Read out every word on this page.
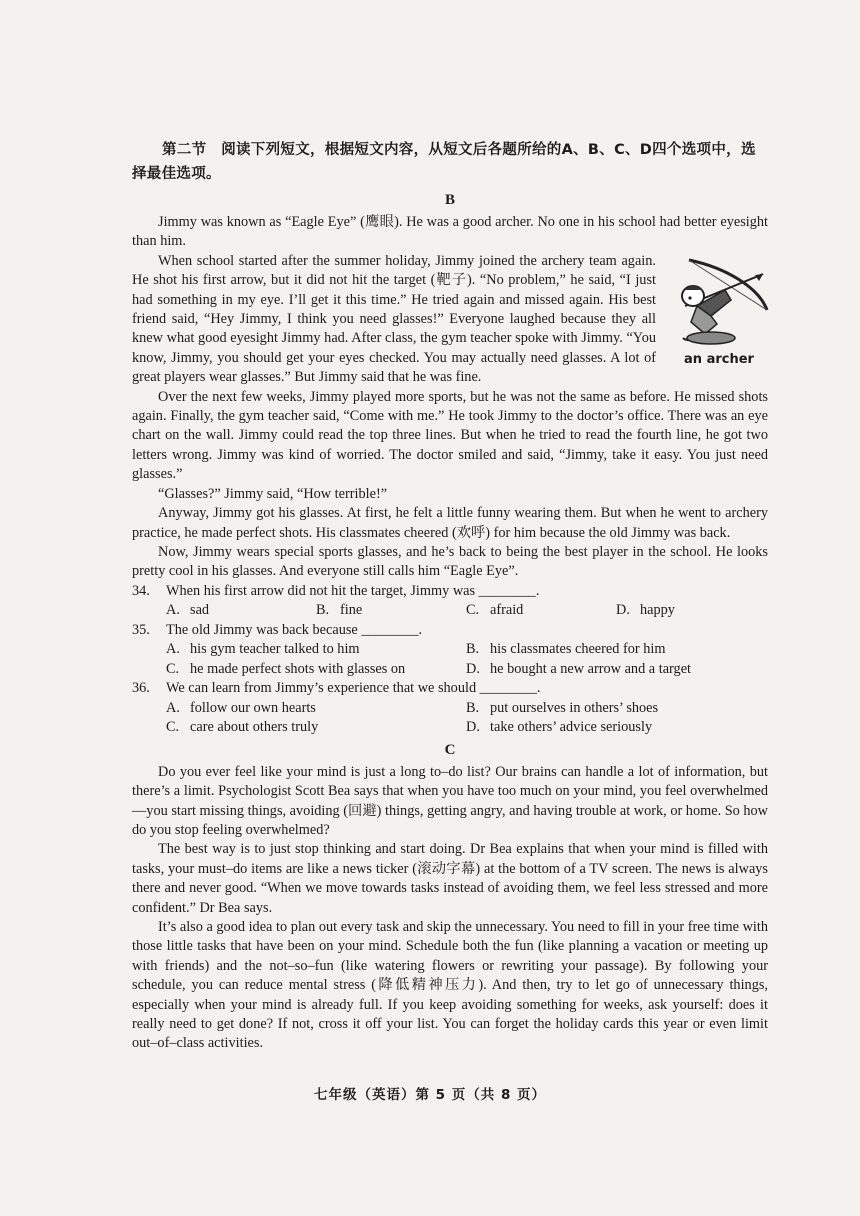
第二节　阅读下列短文，根据短文内容，从短文后各题所给的A、B、C、D四个选项中，选择最佳选项。
B

Jimmy was known as “Eagle Eye” (鹰眼). He was a good archer. No one in his school had better eyesight than him.

an archer

When school started after the summer holiday, Jimmy joined the archery team again. He shot his first arrow, but it did not hit the target (靶子). “No problem,” he said, “I just had something in my eye. I’ll get it this time.” He tried again and missed again. His best friend said, “Hey Jimmy, I think you need glasses!” Everyone laughed because they all knew what good eyesight Jimmy had. After class, the gym teacher spoke with Jimmy. “You know, Jimmy, you should get your eyes checked. You may actually need glasses. A lot of great players wear glasses.” But Jimmy said that he was fine.

Over the next few weeks, Jimmy played more sports, but he was not the same as before. He missed shots again. Finally, the gym teacher said, “Come with me.” He took Jimmy to the doctor’s office. There was an eye chart on the wall. Jimmy could read the top three lines. But when he tried to read the fourth line, he got two letters wrong. Jimmy was kind of worried. The doctor smiled and said, “Jimmy, take it easy. You just need glasses.”

“Glasses?” Jimmy said, “How terrible!”

Anyway, Jimmy got his glasses. At first, he felt a little funny wearing them. But when he went to archery practice, he made perfect shots. His classmates cheered (欢呼) for him because the old Jimmy was back.

Now, Jimmy wears special sports glasses, and he’s back to being the best player in the school. He looks pretty cool in his glasses. And everyone still calls him “Eagle Eye”.

34.	When his first arrow did not hit the target, Jimmy was ________.
A. sad	B. fine	C. afraid	D. happy
35.	The old Jimmy was back because ________.
A. his gym teacher talked to him	B. his classmates cheered for him
C. he made perfect shots with glasses on	D. he bought a new arrow and a target
36.	We can learn from Jimmy’s experience that we should ________.
A. follow our own hearts	B. put ourselves in others’ shoes
C. care about others truly	D. take others’ advice seriously
C

Do you ever feel like your mind is just a long to–do list? Our brains can handle a lot of information, but there’s a limit. Psychologist Scott Bea says that when you have too much on your mind, you feel overwhelmed—you start missing things, avoiding (回避) things, getting angry, and having trouble at work, or home. So how do you stop feeling overwhelmed?

The best way is to just stop thinking and start doing. Dr Bea explains that when your mind is filled with tasks, your must–do items are like a news ticker (滚动字幕) at the bottom of a TV screen. The news is always there and never good. “When we move towards tasks instead of avoiding them, we feel less stressed and more confident.” Dr Bea says.

It’s also a good idea to plan out every task and skip the unnecessary. You need to fill in your free time with those little tasks that have been on your mind. Schedule both the fun (like planning a vacation or meeting up with friends) and the not–so–fun (like watering flowers or rewriting your passage). By following your schedule, you can reduce mental stress (降低精神压力). And then, try to let go of unnecessary things, especially when your mind is already full. If you keep avoiding something for weeks, ask yourself: does it really need to get done? If not, cross it off your list. You can forget the holiday cards this year or even limit out–of–class activities.

七年级（英语）第 5 页（共 8 页）
